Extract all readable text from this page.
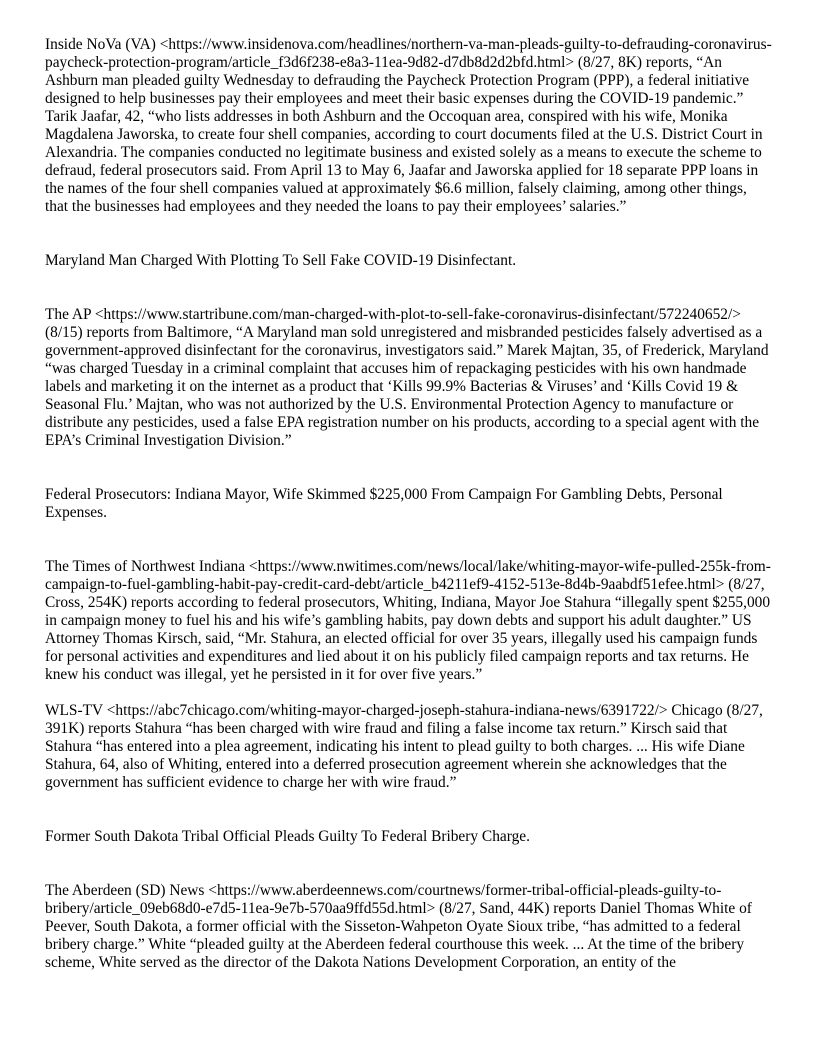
Inside NoVa (VA) <https://www.insidenova.com/headlines/northern-va-man-pleads-guilty-to-defrauding-coronavirus-paycheck-protection-program/article_f3d6f238-e8a3-11ea-9d82-d7db8d2d2bfd.html> (8/27, 8K) reports, “An Ashburn man pleaded guilty Wednesday to defrauding the Paycheck Protection Program (PPP), a federal initiative designed to help businesses pay their employees and meet their basic expenses during the COVID-19 pandemic.” Tarik Jaafar, 42, “who lists addresses in both Ashburn and the Occoquan area, conspired with his wife, Monika Magdalena Jaworska, to create four shell companies, according to court documents filed at the U.S. District Court in Alexandria. The companies conducted no legitimate business and existed solely as a means to execute the scheme to defraud, federal prosecutors said. From April 13 to May 6, Jaafar and Jaworska applied for 18 separate PPP loans in the names of the four shell companies valued at approximately $6.6 million, falsely claiming, among other things, that the businesses had employees and they needed the loans to pay their employees’ salaries.”

Maryland Man Charged With Plotting To Sell Fake COVID-19 Disinfectant.

The AP <https://www.startribune.com/man-charged-with-plot-to-sell-fake-coronavirus-disinfectant/572240652/> (8/15) reports from Baltimore, “A Maryland man sold unregistered and misbranded pesticides falsely advertised as a government-approved disinfectant for the coronavirus, investigators said.” Marek Majtan, 35, of Frederick, Maryland “was charged Tuesday in a criminal complaint that accuses him of repackaging pesticides with his own handmade labels and marketing it on the internet as a product that ‘Kills 99.9% Bacterias & Viruses’ and ‘Kills Covid 19 & Seasonal Flu.’ Majtan, who was not authorized by the U.S. Environmental Protection Agency to manufacture or distribute any pesticides, used a false EPA registration number on his products, according to a special agent with the EPA’s Criminal Investigation Division.”

Federal Prosecutors: Indiana Mayor, Wife Skimmed $225,000 From Campaign For Gambling Debts, Personal Expenses.

The Times of Northwest Indiana <https://www.nwitimes.com/news/local/lake/whiting-mayor-wife-pulled-255k-from-campaign-to-fuel-gambling-habit-pay-credit-card-debt/article_b4211ef9-4152-513e-8d4b-9aabdf51efee.html> (8/27, Cross, 254K) reports according to federal prosecutors, Whiting, Indiana, Mayor Joe Stahura “illegally spent $255,000 in campaign money to fuel his and his wife’s gambling habits, pay down debts and support his adult daughter.” US Attorney Thomas Kirsch, said, “Mr. Stahura, an elected official for over 35 years, illegally used his campaign funds for personal activities and expenditures and lied about it on his publicly filed campaign reports and tax returns. He knew his conduct was illegal, yet he persisted in it for over five years.”

WLS-TV <https://abc7chicago.com/whiting-mayor-charged-joseph-stahura-indiana-news/6391722/> Chicago (8/27, 391K) reports Stahura “has been charged with wire fraud and filing a false income tax return.” Kirsch said that Stahura “has entered into a plea agreement, indicating his intent to plead guilty to both charges. ... His wife Diane Stahura, 64, also of Whiting, entered into a deferred prosecution agreement wherein she acknowledges that the government has sufficient evidence to charge her with wire fraud.”

Former South Dakota Tribal Official Pleads Guilty To Federal Bribery Charge.

The Aberdeen (SD) News <https://www.aberdeennews.com/courtnews/former-tribal-official-pleads-guilty-to-bribery/article_09eb68d0-e7d5-11ea-9e7b-570aa9ffd55d.html> (8/27, Sand, 44K) reports Daniel Thomas White of Peever, South Dakota, a former official with the Sisseton-Wahpeton Oyate Sioux tribe, “has admitted to a federal bribery charge.” White “pleaded guilty at the Aberdeen federal courthouse this week. ... At the time of the bribery scheme, White served as the director of the Dakota Nations Development Corporation, an entity of the
